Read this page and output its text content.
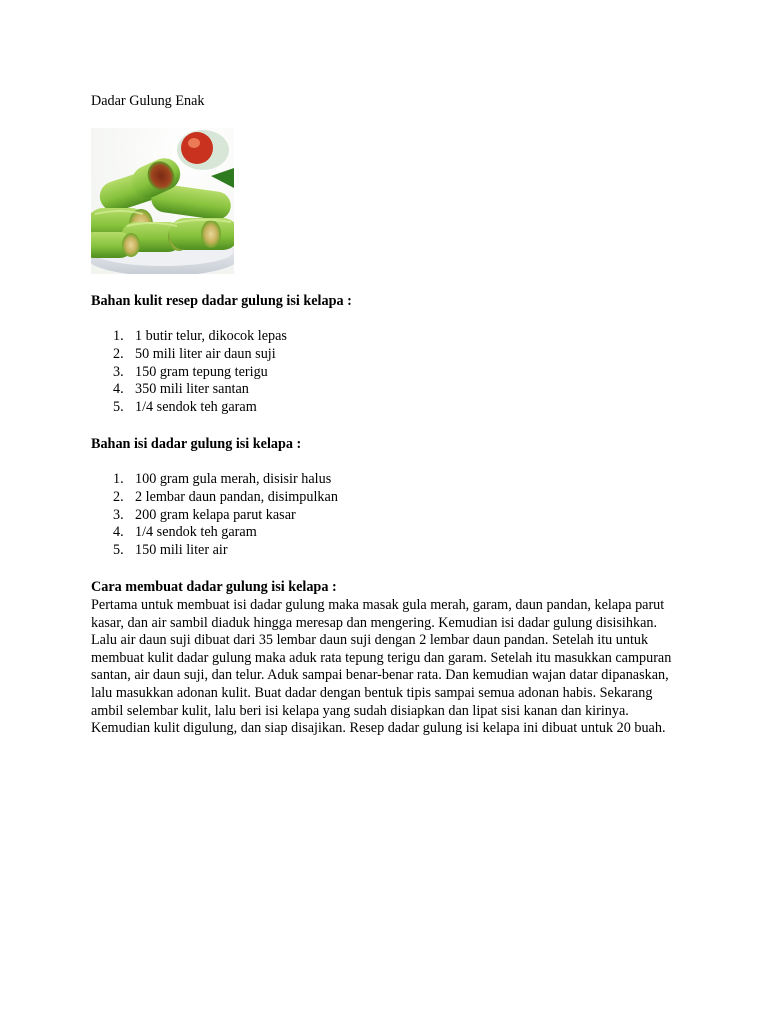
Dadar Gulung Enak

Bahan kulit resep dadar gulung isi kelapa :

1. 1 butir telur, dikocok lepas
2. 50 mili liter air daun suji
3. 150 gram tepung terigu
4. 350 mili liter santan
5. 1/4 sendok teh garam

Bahan isi dadar gulung isi kelapa :

1. 100 gram gula merah, disisir halus
2. 2 lembar daun pandan, disimpulkan
3. 200 gram kelapa parut kasar
4. 1/4 sendok teh garam
5. 150 mili liter air

Cara membuat dadar gulung isi kelapa :

Pertama untuk membuat isi dadar gulung maka masak gula merah, garam, daun pandan, kelapa parut kasar, dan air sambil diaduk hingga meresap dan mengering. Kemudian isi dadar gulung disisihkan. Lalu air daun suji dibuat dari 35 lembar daun suji dengan 2 lembar daun pandan. Setelah itu untuk membuat kulit dadar gulung maka aduk rata tepung terigu dan garam. Setelah itu masukkan campuran santan, air daun suji, dan telur. Aduk sampai benar-benar rata. Dan kemudian wajan datar dipanaskan, lalu masukkan adonan kulit. Buat dadar dengan bentuk tipis sampai semua adonan habis. Sekarang ambil selembar kulit, lalu beri isi kelapa yang sudah disiapkan dan lipat sisi kanan dan kirinya. Kemudian kulit digulung, dan siap disajikan. Resep dadar gulung isi kelapa ini dibuat untuk 20 buah.
